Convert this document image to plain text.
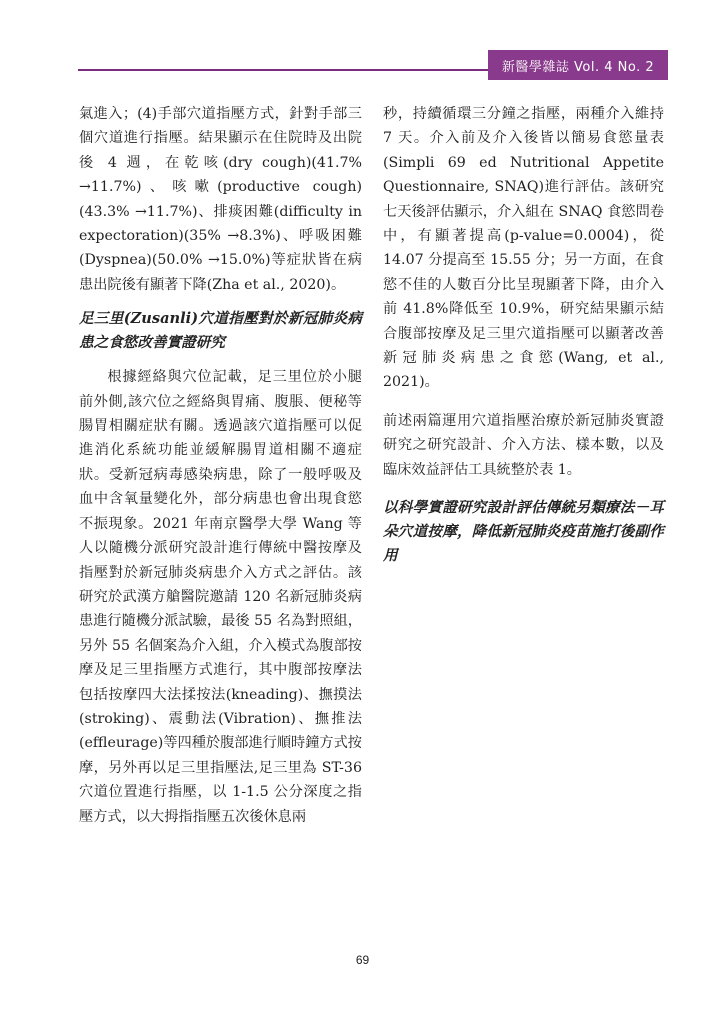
新醫學雜誌 Vol. 4 No. 2

氣進入；(4)手部穴道指壓方式，針對手部三個穴道進行指壓。結果顯示在住院時及出院後 4 週，在乾咳(dry cough)(41.7% →11.7%)、咳嗽(productive cough)(43.3% →11.7%)、排痰困難(difficulty in expectoration)(35% →8.3%)、呼吸困難(Dyspnea)(50.0% →15.0%)等症狀皆在病患出院後有顯著下降(Zha et al., 2020)。

足三里(Zusanli)穴道指壓對於新冠肺炎病患之食慾改善實證研究

根據經絡與穴位記載，足三里位於小腿前外側,該穴位之經絡與胃痛、腹脹、便秘等腸胃相關症狀有關。透過該穴道指壓可以促進消化系統功能並緩解腸胃道相關不適症狀。受新冠病毒感染病患，除了一般呼吸及血中含氧量變化外，部分病患也會出現食慾不振現象。2021 年南京醫學大學 Wang 等人以隨機分派研究設計進行傳統中醫按摩及指壓對於新冠肺炎病患介入方式之評估。該研究於武漢方艙醫院邀請 120 名新冠肺炎病患進行隨機分派試驗，最後 55 名為對照組，另外 55 名個案為介入組，介入模式為腹部按摩及足三里指壓方式進行，其中腹部按摩法包括按摩四大法揉按法(kneading)、撫摸法(stroking)、震動法(Vibration)、撫推法(effleurage)等四種於腹部進行順時鐘方式按摩，另外再以足三里指壓法,足三里為 ST-36 穴道位置進行指壓，以 1-1.5 公分深度之指壓方式，以大拇指指壓五次後休息兩

秒，持續循環三分鐘之指壓，兩種介入維持 7 天。介入前及介入後皆以簡易食慾量表 (Simpli 69 ed Nutritional Appetite Questionnaire, SNAQ)進行評估。該研究七天後評估顯示，介入組在 SNAQ 食慾問卷中，有顯著提高(p-value=0.0004)，從 14.07 分提高至 15.55 分；另一方面，在食慾不佳的人數百分比呈現顯著下降，由介入前 41.8%降低至 10.9%，研究結果顯示結合腹部按摩及足三里穴道指壓可以顯著改善新冠肺炎病患之食慾(Wang, et al., 2021)。

前述兩篇運用穴道指壓治療於新冠肺炎實證研究之研究設計、介入方法、樣本數，以及臨床效益評估工具統整於表 1。

以科學實證研究設計評估傳統另類療法－耳朵穴道按摩，降低新冠肺炎疫苗施打後副作用

69
